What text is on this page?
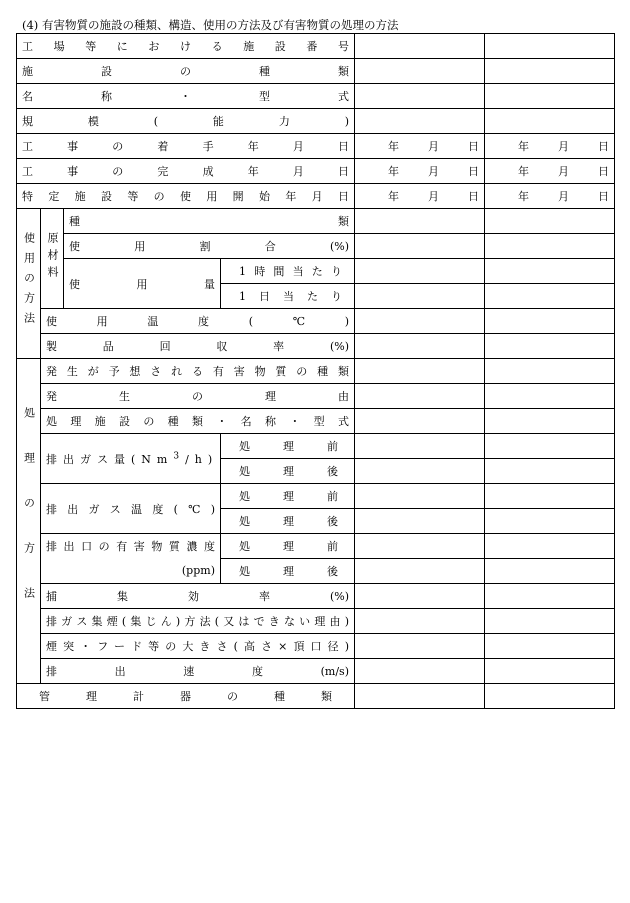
(4) 有害物質の施設の種類、構造、使用の方法及び有害物質の処理の方法
工場等における施設番号					
施設の種類					
名称・型式					
規模(能力)					
工事の着手年月日				年 月 日	年 月 日

工事の完成年月日				年 月 日	年 月 日

特定施設等の使用開始年月日				年 月 日	年 月 日

使用の方法	原材料	種類			
		使用割合(%)			
		使用量	1時間当たり		
			1日当たり		
	使用温度(℃)				
	製品回収率(%)				
処理の方法	発生が予想される有害物質の種類				
	発生の理由				
	処理施設の種類・名称・型式				
	排出ガス量(Nm$^3$/h)		処理前		
			処理後		
	排出ガス温度(℃)		処理前		
			処理後		
	排出口の有害物質濃度		処理前		
	(ppm)		処理後		
	捕集効率(%)				
	排ガス集煙(集じん)方法(又はできない理由)				
	煙突・フード等の大きさ(高さ×頂口径)				
	排出速度(m/s)				
管理計器の種類					
